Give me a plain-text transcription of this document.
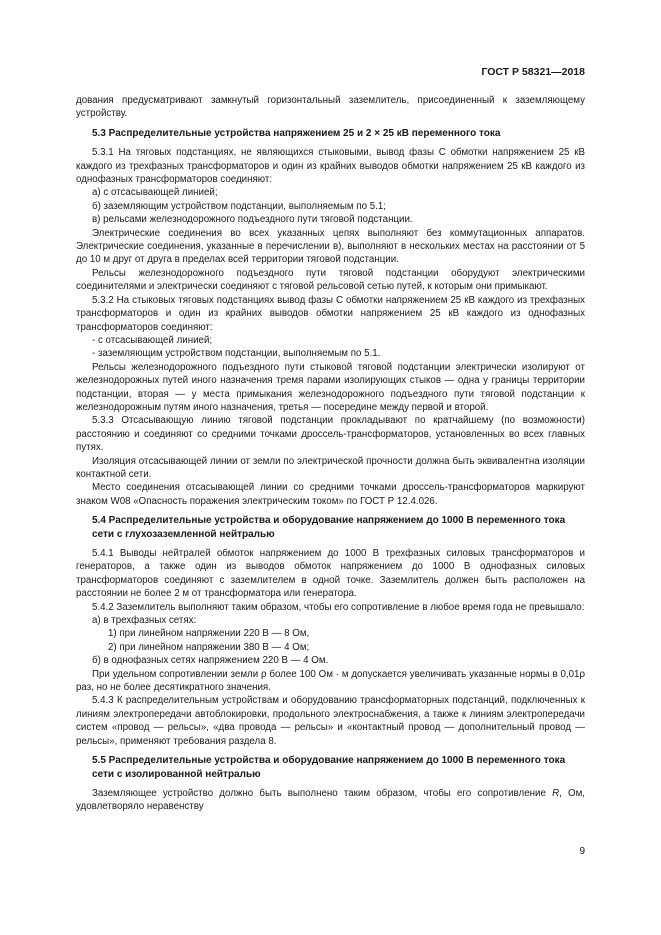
ГОСТ Р 58321—2018

дования предусматривают замкнутый горизонтальный заземлитель, присоединенный к заземляющему устройству.

5.3 Распределительные устройства напряжением 25 и 2 × 25 кВ переменного тока

5.3.1 На тяговых подстанциях, не являющихся стыковыми, вывод фазы С обмотки напряжением 25 кВ каждого из трехфазных трансформаторов и один из крайних выводов обмотки напряжением 25 кВ каждого из однофазных трансформаторов соединяют:

а) с отсасывающей линией;

б) заземляющим устройством подстанции, выполняемым по 5.1;

в) рельсами железнодорожного подъездного пути тяговой подстанции.

Электрические соединения во всех указанных цепях выполняют без коммутационных аппаратов. Электрические соединения, указанные в перечислении в), выполняют в нескольких местах на расстоянии от 5 до 10 м друг от друга в пределах всей территории тяговой подстанции.

Рельсы железнодорожного подъездного пути тяговой подстанции оборудуют электрическими соединителями и электрически соединяют с тяговой рельсовой сетью путей, к которым они примыкают.

5.3.2 На стыковых тяговых подстанциях вывод фазы С обмотки напряжением 25 кВ каждого из трехфазных трансформаторов и один из крайних выводов обмотки напряжением 25 кВ каждого из однофазных трансформаторов соединяют:

- с отсасывающей линией;

- заземляющим устройством подстанции, выполняемым по 5.1.

Рельсы железнодорожного подъездного пути стыковой тяговой подстанции электрически изолируют от железнодорожных путей иного назначения тремя парами изолирующих стыков — одна у границы территории подстанции, вторая — у места примыкания железнодорожного подъездного пути тяговой подстанции к железнодорожным путям иного назначения, третья — посередине между первой и второй.

5.3.3 Отсасывающую линию тяговой подстанции прокладывают по кратчайшему (по возможности) расстоянию и соединяют со средними точками дроссель-трансформаторов, установленных во всех главных путях.

Изоляция отсасывающей линии от земли по электрической прочности должна быть эквивалентна изоляции контактной сети.

Место соединения отсасывающей линии со средними точками дроссель-трансформаторов маркируют знаком W08 «Опасность поражения электрическим током» по ГОСТ Р 12.4.026.

5.4 Распределительные устройства и оборудование напряжением до 1000 В переменного тока сети с глухозаземленной нейтралью

5.4.1 Выводы нейтралей обмоток напряжением до 1000 В трехфазных силовых трансформаторов и генераторов, а также один из выводов обмоток напряжением до 1000 В однофазных силовых трансформаторов соединяют с заземлителем в одной точке. Заземлитель должен быть расположен на расстоянии не более 2 м от трансформатора или генератора.

5.4.2 Заземлитель выполняют таким образом, чтобы его сопротивление в любое время года не превышало:

а) в трехфазных сетях:

1) при линейном напряжении 220 В — 8 Ом,

2) при линейном напряжении 380 В — 4 Ом;

б) в однофазных сетях напряжением 220 В — 4 Ом.

При удельном сопротивлении земли ρ более 100 Ом · м допускается увеличивать указанные нормы в 0,01ρ раз, но не более десятикратного значения.

5.4.3 К распределительным устройствам и оборудованию трансформаторных подстанций, подключенных к линиям электропередачи автоблокировки, продольного электроснабжения, а также к линиям электропередачи систем «провод — рельсы», «два провода — рельсы» и «контактный провод — дополнительный провод — рельсы», применяют требования раздела 8.

5.5 Распределительные устройства и оборудование напряжением до 1000 В переменного тока сети с изолированной нейтралью

Заземляющее устройство должно быть выполнено таким образом, чтобы его сопротивление R, Ом, удовлетворяло неравенству

9
